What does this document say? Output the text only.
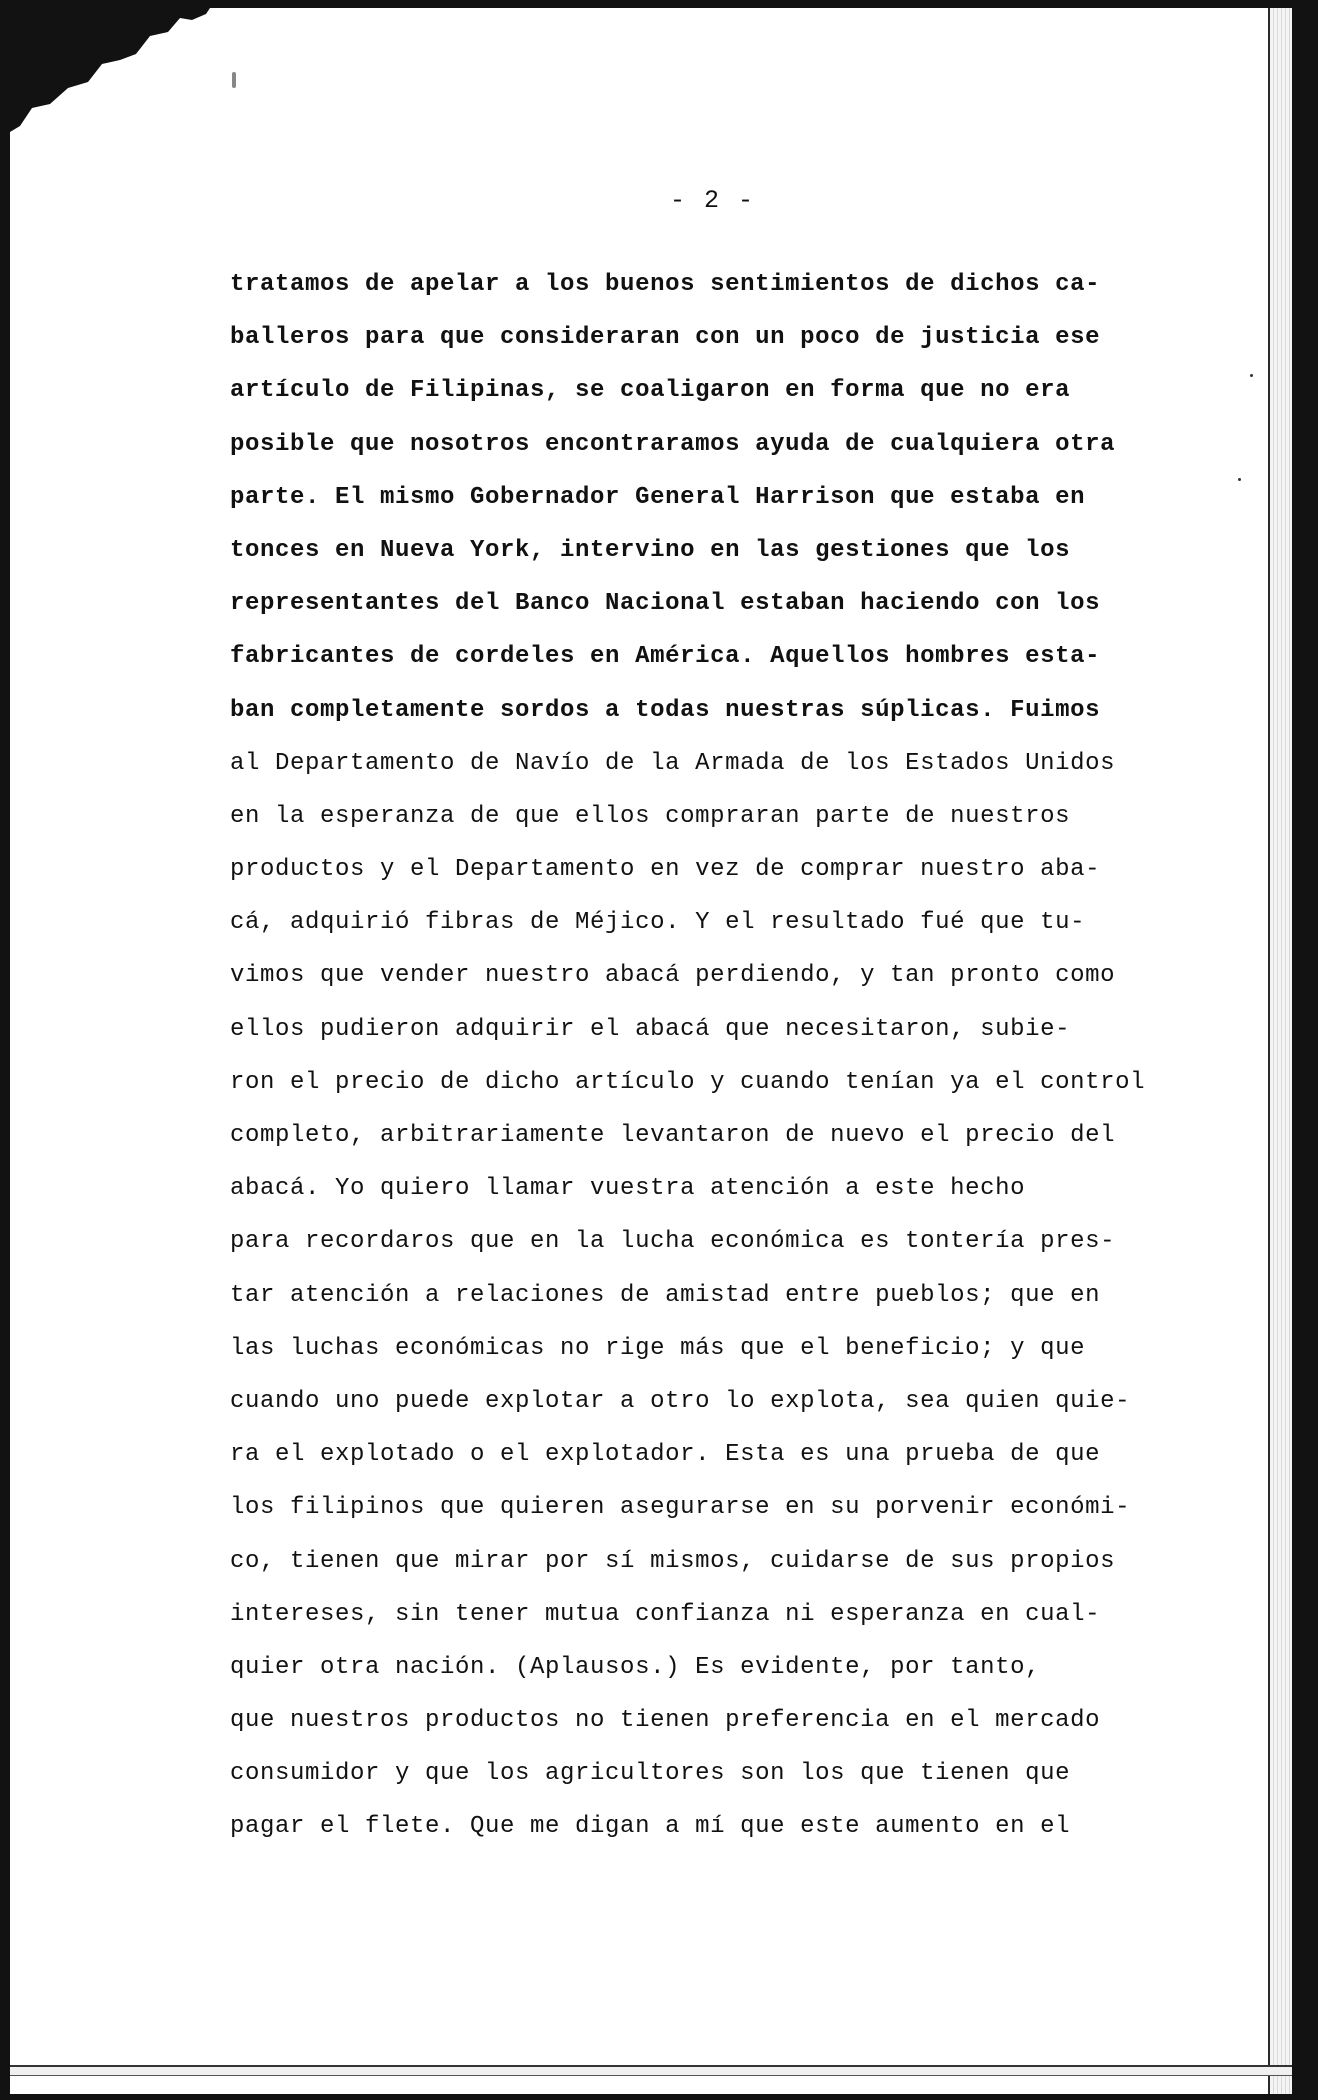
- 2 -
tratamos de apelar a los buenos sentimientos de dichos ca-
balleros para que consideraran con un poco de justicia ese
artículo de Filipinas, se coaligaron en forma que no era
posible que nosotros encontraramos ayuda de cualquiera otra
parte. El mismo Gobernador General Harrison que estaba en
tonces en Nueva York, intervino en las gestiones que los
representantes del Banco Nacional estaban haciendo con los
fabricantes de cordeles en América. Aquellos hombres esta-
ban completamente sordos a todas nuestras súplicas. Fuimos
al Departamento de Navío de la Armada de los Estados Unidos
en la esperanza de que ellos compraran parte de nuestros
productos y el Departamento en vez de comprar nuestro aba-
cá, adquirió fibras de Méjico. Y el resultado fué que tu-
vimos que vender nuestro abacá perdiendo, y tan pronto como
ellos pudieron adquirir el abacá que necesitaron, subie-
ron el precio de dicho artículo y cuando tenían ya el control
completo, arbitrariamente levantaron de nuevo el precio del
abacá. Yo quiero llamar vuestra atención a este hecho
para recordaros que en la lucha económica es tontería pres-
tar atención a relaciones de amistad entre pueblos; que en
las luchas económicas no rige más que el beneficio; y que
cuando uno puede explotar a otro lo explota, sea quien quie-
ra el explotado o el explotador. Esta es una prueba de que
los filipinos que quieren asegurarse en su porvenir económi-
co, tienen que mirar por sí mismos, cuidarse de sus propios
intereses, sin tener mutua confianza ni esperanza en cual-
quier otra nación. (Aplausos.) Es evidente, por tanto,
que nuestros productos no tienen preferencia en el mercado
consumidor y que los agricultores son los que tienen que
pagar el flete. Que me digan a mí que este aumento en el
